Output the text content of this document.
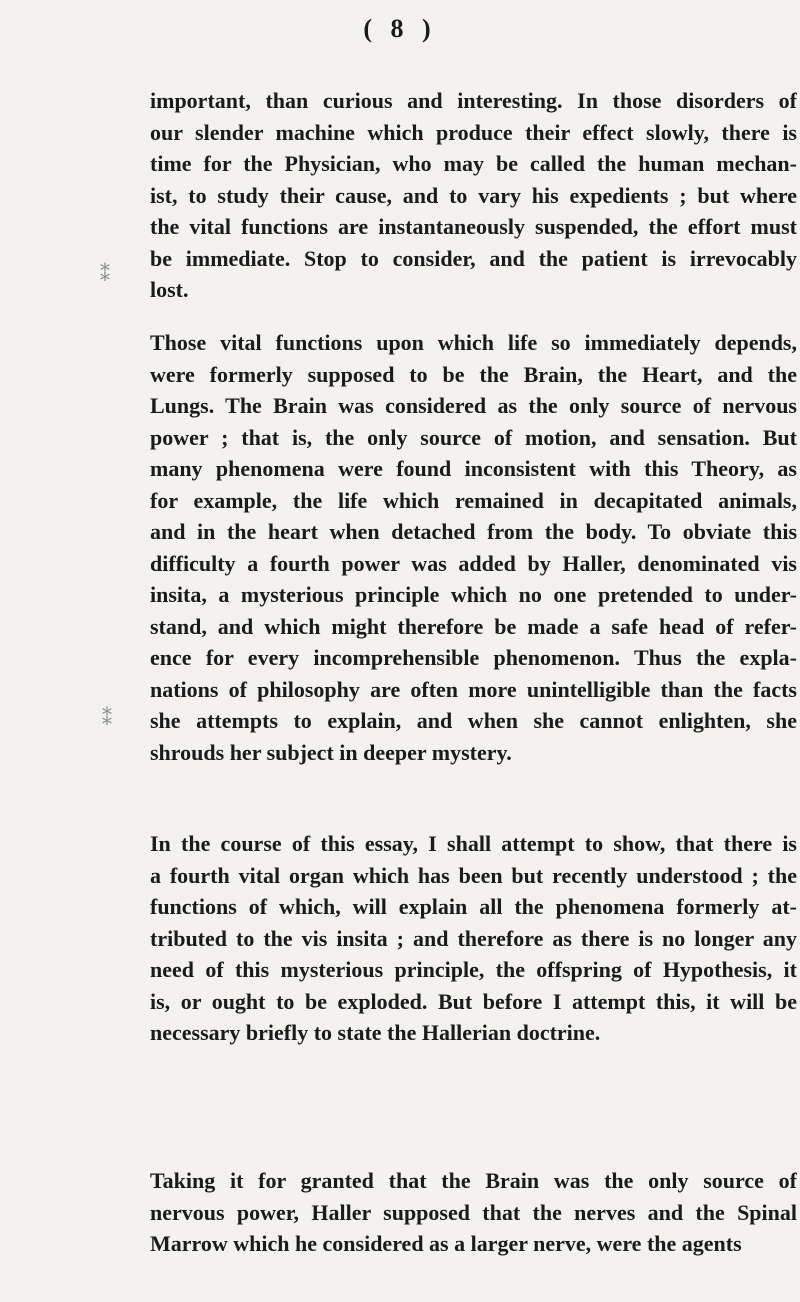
( 8 )
important, than curious and interesting. In those disorders of
our slender machine which produce their effect slowly, there is
time for the Physician, who may be called the human mechan-
ist, to study their cause, and to vary his expedients ; but where
the vital functions are instantaneously suspended, the effort must
be immediate. Stop to consider, and the patient is irrevocably
lost.
Those vital functions upon which life so immediately depends,
were formerly supposed to be the Brain, the Heart, and the
Lungs. The Brain was considered as the only source of nervous
power ; that is, the only source of motion, and sensation. But
many phenomena were found inconsistent with this Theory, as
for example, the life which remained in decapitated animals,
and in the heart when detached from the body. To obviate this
difficulty a fourth power was added by Haller, denominated vis
insita, a mysterious principle which no one pretended to under-
stand, and which might therefore be made a safe head of refer-
ence for every incomprehensible phenomenon. Thus the expla-
nations of philosophy are often more unintelligible than the facts
she attempts to explain, and when she cannot enlighten, she
shrouds her subject in deeper mystery.
In the course of this essay, I shall attempt to show, that there is
a fourth vital organ which has been but recently understood ; the
functions of which, will explain all the phenomena formerly at-
tributed to the vis insita ; and therefore as there is no longer any
need of this mysterious principle, the offspring of Hypothesis, it
is, or ought to be exploded. But before I attempt this, it will be
necessary briefly to state the Hallerian doctrine.
Taking it for granted that the Brain was the only source of
nervous power, Haller supposed that the nerves and the Spinal
Marrow which he considered as a larger nerve, were the agents
⁑
⁑
